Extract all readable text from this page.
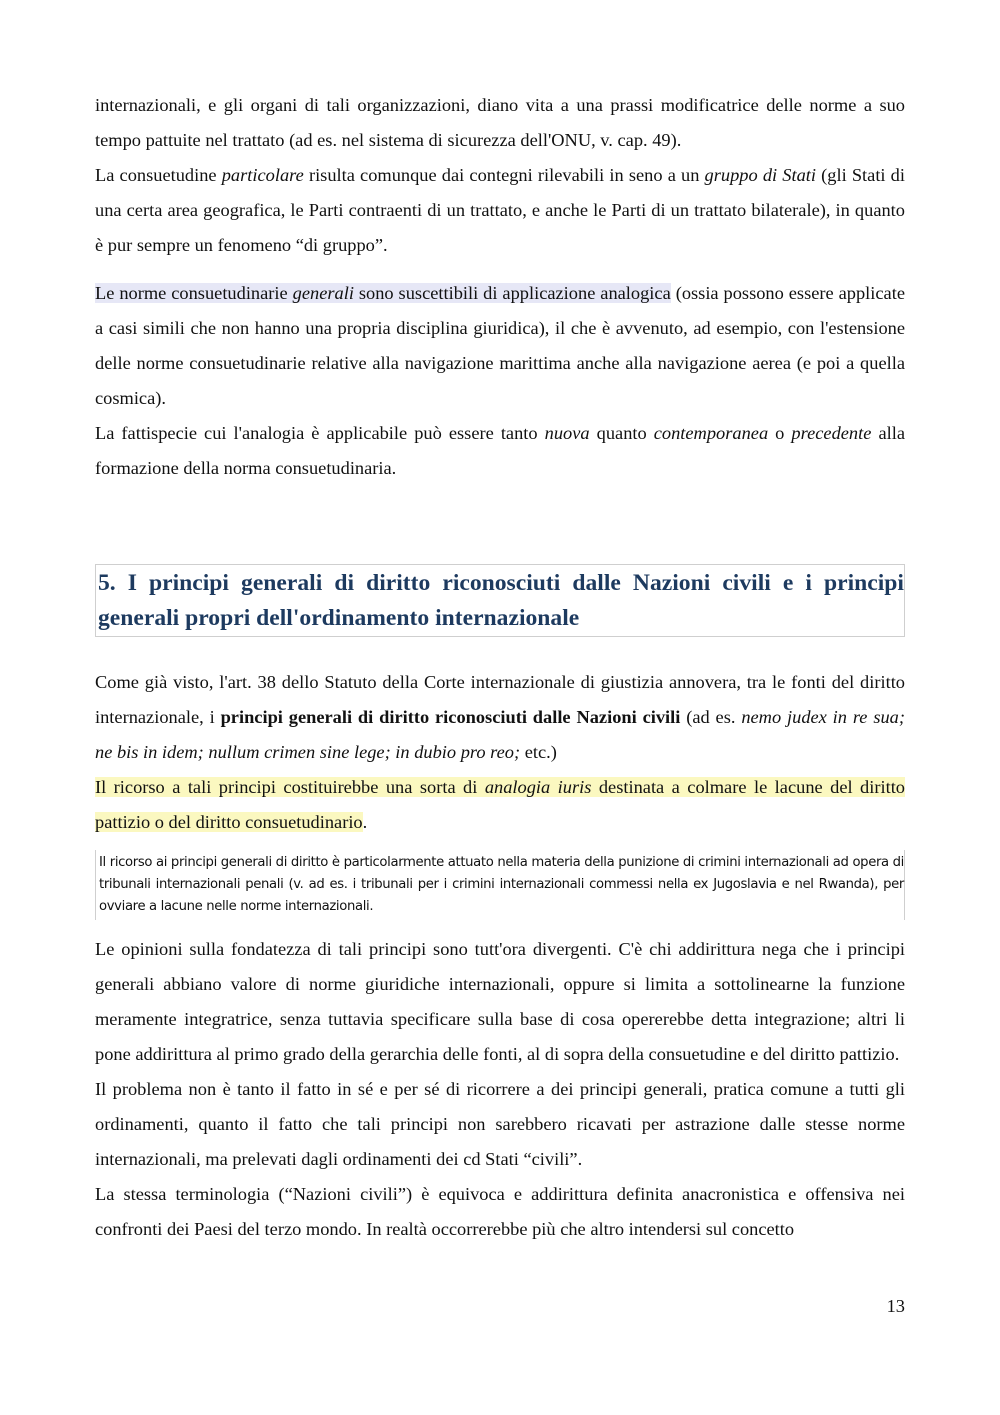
internazionali, e gli organi di tali organizzazioni, diano vita a una prassi modificatrice delle norme a suo tempo pattuite nel trattato (ad es. nel sistema di sicurezza dell'ONU, v. cap. 49).

La consuetudine particolare risulta comunque dai contegni rilevabili in seno a un gruppo di Stati (gli Stati di una certa area geografica, le Parti contraenti di un trattato, e anche le Parti di un trattato bilaterale), in quanto è pur sempre un fenomeno “di gruppo”.

Le norme consuetudinarie generali sono suscettibili di applicazione analogica (ossia possono essere applicate a casi simili che non hanno una propria disciplina giuridica), il che è avvenuto, ad esempio, con l'estensione delle norme consuetudinarie relative alla navigazione marittima anche alla navigazione aerea (e poi a quella cosmica).

La fattispecie cui l'analogia è applicabile può essere tanto nuova quanto contemporanea o precedente alla formazione della norma consuetudinaria.

5. I principi generali di diritto riconosciuti dalle Nazioni civili e i principi generali propri dell'ordinamento internazionale

Come già visto, l'art. 38 dello Statuto della Corte internazionale di giustizia annovera, tra le fonti del diritto internazionale, i principi generali di diritto riconosciuti dalle Nazioni civili (ad es. nemo judex in re sua; ne bis in idem; nullum crimen sine lege; in dubio pro reo; etc.)

Il ricorso a tali principi costituirebbe una sorta di analogia iuris destinata a colmare le lacune del diritto pattizio o del diritto consuetudinario.

Il ricorso ai principi generali di diritto è particolarmente attuato nella materia della punizione di crimini internazionali ad opera di tribunali internazionali penali (v. ad es. i tribunali per i crimini internazionali commessi nella ex Jugoslavia e nel Rwanda), per ovviare a lacune nelle norme internazionali.

Le opinioni sulla fondatezza di tali principi sono tutt'ora divergenti. C'è chi addirittura nega che i principi generali abbiano valore di norme giuridiche internazionali, oppure si limita a sottolinearne la funzione meramente integratrice, senza tuttavia specificare sulla base di cosa opererebbe detta integrazione; altri li pone addirittura al primo grado della gerarchia delle fonti, al di sopra della consuetudine e del diritto pattizio.

Il problema non è tanto il fatto in sé e per sé di ricorrere a dei principi generali, pratica comune a tutti gli ordinamenti, quanto il fatto che tali principi non sarebbero ricavati per astrazione dalle stesse norme internazionali, ma prelevati dagli ordinamenti dei cd Stati “civili”.

La stessa terminologia (“Nazioni civili”) è equivoca e addirittura definita anacronistica e offensiva nei confronti dei Paesi del terzo mondo. In realtà occorrerebbe più che altro intendersi sul concetto

13
